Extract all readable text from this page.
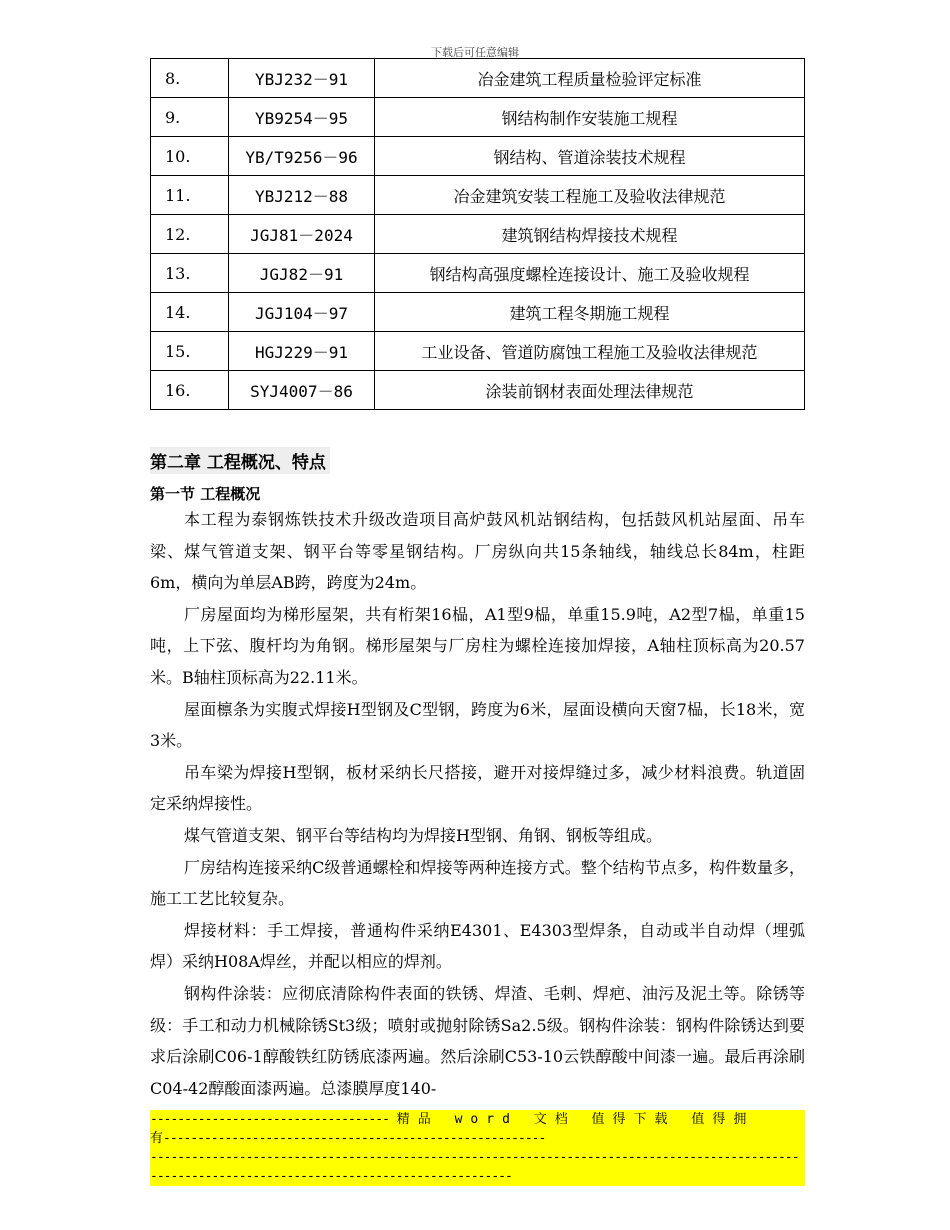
下载后可任意编辑
8.	YBJ232－91	冶金建筑工程质量检验评定标准
9.	YB9254－95	钢结构制作安装施工规程
10.	YB/T9256－96	钢结构、管道涂装技术规程
11.	YBJ212－88	冶金建筑安装工程施工及验收法律规范
12.	JGJ81－2024	建筑钢结构焊接技术规程
13.	JGJ82－91	钢结构高强度螺栓连接设计、施工及验收规程
14.	JGJ104－97	建筑工程冬期施工规程
15.	HGJ229－91	工业设备、管道防腐蚀工程施工及验收法律规范
16.	SYJ4007－86	涂装前钢材表面处理法律规范
第二章 工程概况、特点
第一节 工程概况

本工程为泰钢炼铁技术升级改造项目高炉鼓风机站钢结构，包括鼓风机站屋面、吊车梁、煤气管道支架、钢平台等零星钢结构。厂房纵向共15条轴线，轴线总长84m，柱距6m，横向为单层AB跨，跨度为24m。

厂房屋面均为梯形屋架，共有桁架16榀，A1型9榀，单重15.9吨，A2型7榀，单重15吨，上下弦、腹杆均为角钢。梯形屋架与厂房柱为螺栓连接加焊接，A轴柱顶标高为20.57米。B轴柱顶标高为22.11米。

屋面檩条为实腹式焊接H型钢及C型钢，跨度为6米，屋面设横向天窗7榀，长18米，宽3米。

吊车梁为焊接H型钢，板材采纳长尺搭接，避开对接焊缝过多，减少材料浪费。轨道固定采纳焊接性。

煤气管道支架、钢平台等结构均为焊接H型钢、角钢、钢板等组成。

厂房结构连接采纳C级普通螺栓和焊接等两种连接方式。整个结构节点多，构件数量多，施工工艺比较复杂。

焊接材料：手工焊接，普通构件采纳E4301、E4303型焊条，自动或半自动焊（埋弧焊）采纳H08A焊丝，并配以相应的焊剂。

钢构件涂装：应彻底清除构件表面的铁锈、焊渣、毛刺、焊疤、油污及泥土等。除锈等级：手工和动力机械除锈St3级；喷射或抛射除锈Sa2.5级。钢构件涂装：钢构件除锈达到要求后涂刷C06-1醇酸铁红防锈底漆两遍。然后涂刷C53-10云铁醇酸中间漆一遍。最后再涂刷C04-42醇酸面漆两遍。总漆膜厚度140-

----------------------------------- 精品 word 文档 值得下载 值得拥
有--------------------------------------------------------
-----------------------------------------------------------------------------------------------
-----------------------------------------------------
